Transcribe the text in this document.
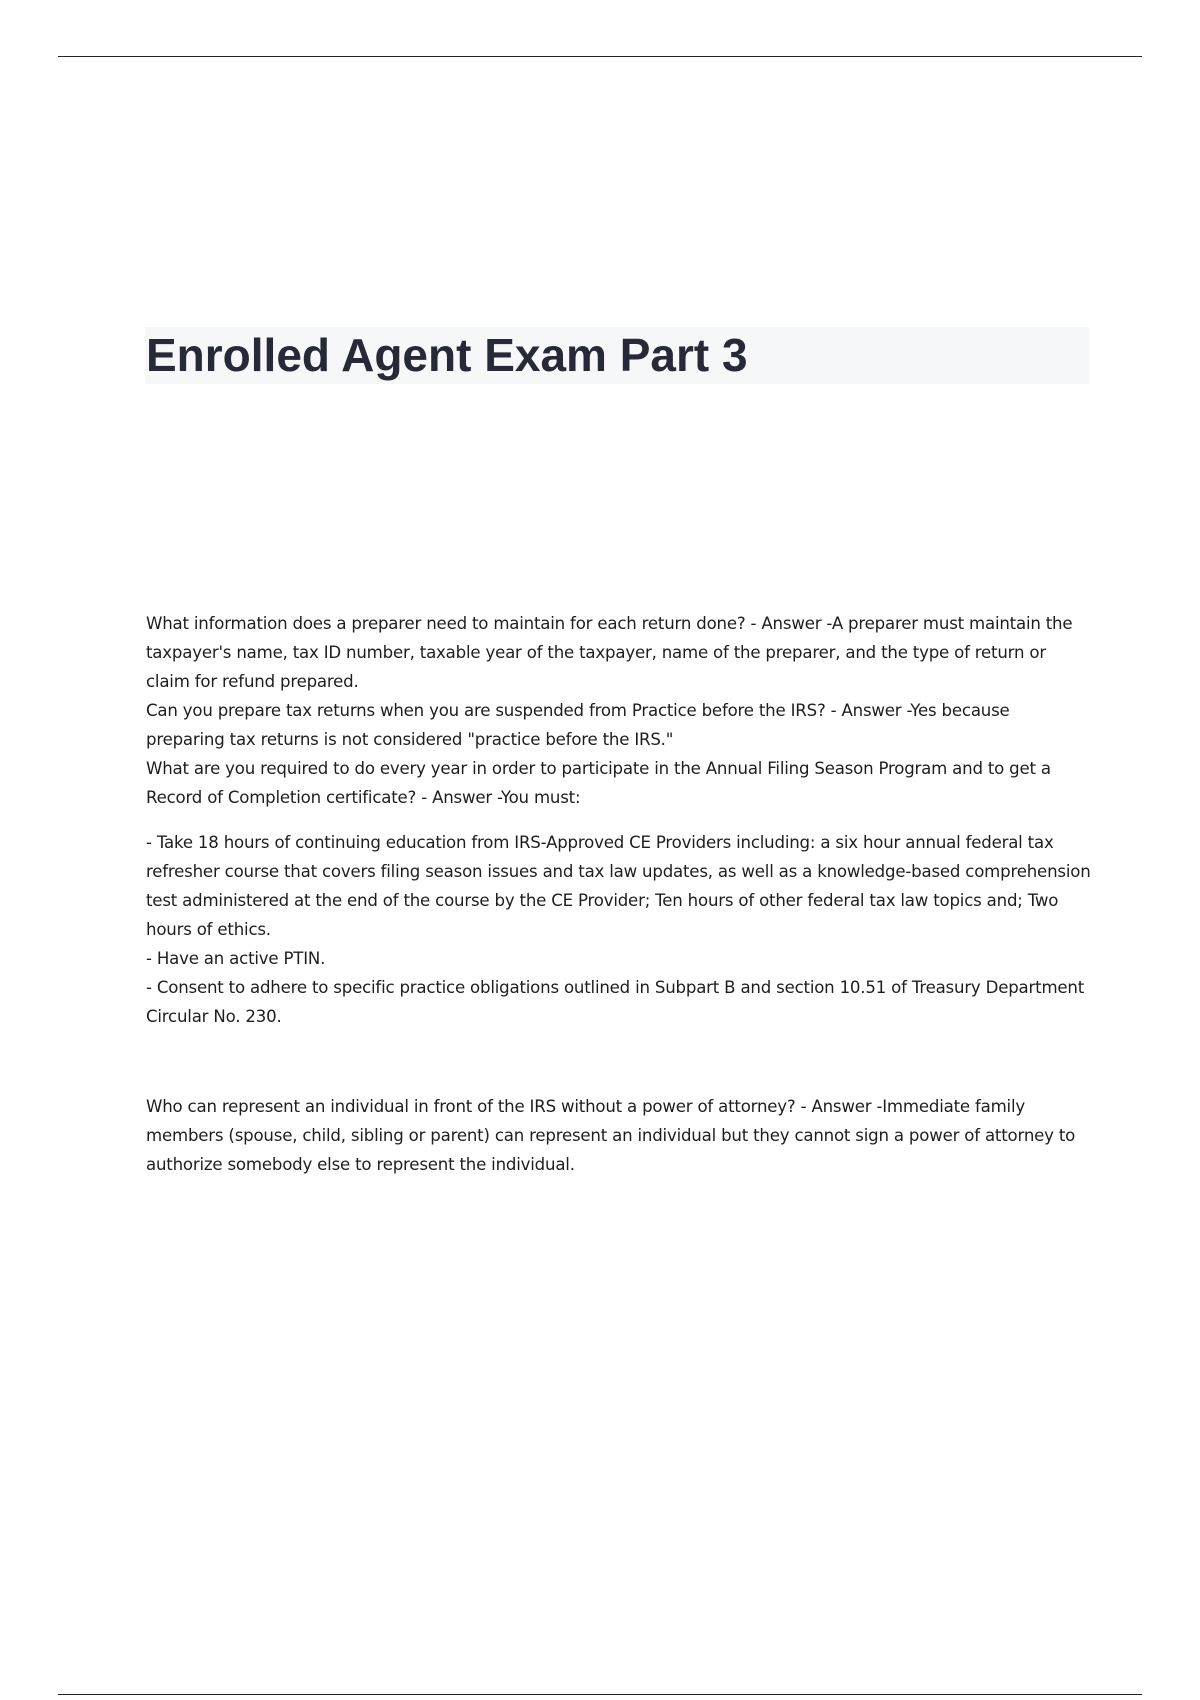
Enrolled Agent Exam Part 3

What information does a preparer need to maintain for each return done? - Answer -A preparer must maintain the taxpayer's name, tax ID number, taxable year of the taxpayer, name of the preparer, and the type of return or claim for refund prepared.

Can you prepare tax returns when you are suspended from Practice before the IRS? - Answer -Yes because preparing tax returns is not considered "practice before the IRS."

What are you required to do every year in order to participate in the Annual Filing Season Program and to get a Record of Completion certificate? - Answer -You must:

- Take 18 hours of continuing education from IRS-Approved CE Providers including: a six hour annual federal tax refresher course that covers filing season issues and tax law updates, as well as a knowledge-based comprehension test administered at the end of the course by the CE Provider; Ten hours of other federal tax law topics and; Two hours of ethics.

- Have an active PTIN.

- Consent to adhere to specific practice obligations outlined in Subpart B and section 10.51 of Treasury Department Circular No. 230.

Who can represent an individual in front of the IRS without a power of attorney? - Answer -Immediate family members (spouse, child, sibling or parent) can represent an individual but they cannot sign a power of attorney to authorize somebody else to represent the individual.
